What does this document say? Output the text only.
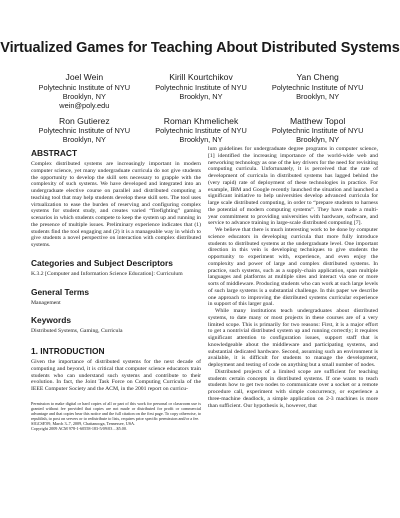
Virtualized Games for Teaching About Distributed Systems
Joel Wein
Polytechnic Institute of NYU
Brooklyn, NY
wein@poly.edu
Kirill Kourtchikov
Polytechnic Institute of NYU
Brooklyn, NY
Yan Cheng
Polytechnic Institute of NYU
Brooklyn, NY
Ron Gutierez
Polytechnic Institute of NYU
Brooklyn, NY
Roman Khmelichek
Polytechnic Institute of NYU
Brooklyn, NY
Matthew Topol
Polytechnic Institute of NYU
Brooklyn, NY
ABSTRACT

Complex distributed systems are increasingly important in modern computer science, yet many undergraduate curricula do not give students the opportunity to develop the skill sets necessary to grapple with the complexity of such systems. We have developed and integrated into an undergraduate elective course on parallel and distributed computing a teaching tool that may help students develop these skill sets. The tool uses virtualization to ease the burden of reserving and configuring complex systems for student study, and creates varied “firefighting” gaming scenarios in which students compete to keep the system up and running in the presence of multiple issues. Preliminary experience indicates that (1) students find the tool engaging and (2) it is a manageable way in which to give students a novel perspective on interaction with complex distributed systems.

Categories and Subject Descriptors

K.3.2 [Computer and Information Science Education]: Curriculum

General Terms

Management

Keywords

Distributed Systems, Gaming, Curricula

1. INTRODUCTION

Given the importance of distributed systems for the next decade of computing and beyond, it is critical that computer science educators train students who can understand such systems and contribute to their evolution. In fact, the Joint Task Force on Computing Curricula of the IEEE Computer Society and the ACM, in the 2001 report on curricu-

Permission to make digital or hard copies of all or part of this work for personal or classroom use is granted without fee provided that copies are not made or distributed for profit or commercial advantage and that copies bear this notice and the full citation on the first page. To copy otherwise, to republish, to post on servers or to redistribute to lists, requires prior specific permission and/or a fee.
SIGCSE'09, March 3–7, 2009, Chattanooga, Tennessee, USA.
Copyright 2009 ACM 978-1-60558-183-5/09/03 ...$5.00.

lum guidelines for undergraduate degree programs in computer science, [1] identified the increasing importance of the world-wide web and networking technology as one of the key drivers for the need for revisiting computing curricula. Unfortunately, it is perceived that the rate of development of curricula in distributed systems has lagged behind the (very rapid) rate of deployment of these technologies in practice. For example, IBM and Google recently launched the situation and launched a significant initiative to help universities develop advanced curricula for large scale distributed computing, in order to “prepare students to harness the potential of modern computing systems”. They have made a multi-year commitment to providing universities with hardware, software, and service to advance training in large-scale distributed computing [7].

We believe that there is much interesting work to be done by computer science educators in developing curricula that more fully introduce students to distributed systems at the undergraduate level. One important direction in this vein is developing techniques to give students the opportunity to experiment with, experience, and even enjoy the complexity and power of large and complex distributed systems. In practice, such systems, such as a supply-chain application, span multiple languages and platforms at multiple sites and interact via one or more sorts of middleware. Producing students who can work at such large levels of such large systems is a substantial challenge. In this paper we describe one approach to improving the distributed systems curricular experience in support of this larger goal.

While many institutions teach undergraduates about distributed systems, to date many or most projects in these courses are of a very limited scope. This is primarily for two reasons: First, it is a major effort to get a nontrivial distributed system up and running correctly; it requires significant attention to configuration issues, support staff that is knowledgeable about the middleware and participating systems, and substantial dedicated hardware. Second, assuming such an environment is available, it is difficult for students to manage the development, deployment and testing of code on anything but a small number of nodes.

Distributed projects of a limited scope are sufficient for teaching students certain concepts in distributed systems. If one wants to teach students how to get two nodes to communicate over a socket or a remote procedure call, experiment with simple concurrency, or experience a three-machine deadlock, a simple application on 2-3 machines is more than sufficient. Our hypothesis is, however, that
